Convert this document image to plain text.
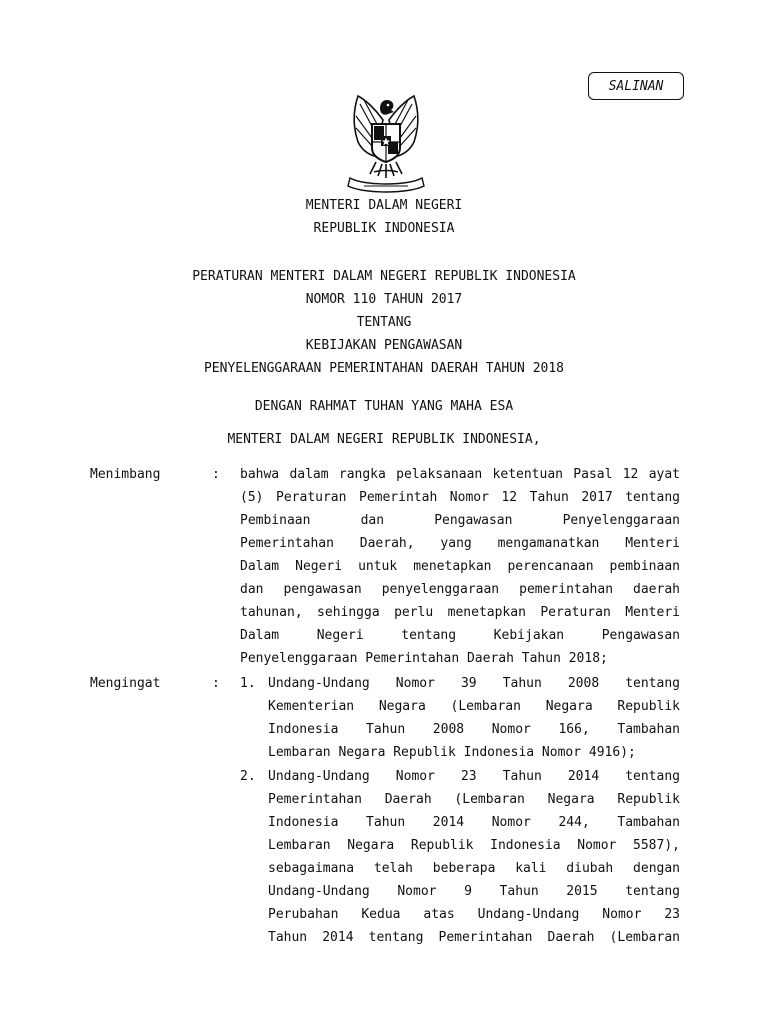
SALINAN
MENTERI DALAM NEGERI
REPUBLIK INDONESIA
PERATURAN MENTERI DALAM NEGERI REPUBLIK INDONESIA
NOMOR 110 TAHUN 2017
TENTANG
KEBIJAKAN PENGAWASAN
PENYELENGGARAAN PEMERINTAHAN DAERAH TAHUN 2018
DENGAN RAHMAT TUHAN YANG MAHA ESA
MENTERI DALAM NEGERI REPUBLIK INDONESIA,
Menimbang	: bahwa dalam rangka pelaksanaan ketentuan Pasal 12 ayat
(5) Peraturan Pemerintah Nomor 12 Tahun 2017 tentang
Pembinaan dan Pengawasan Penyelenggaraan
Pemerintahan Daerah, yang mengamanatkan Menteri
Dalam Negeri untuk menetapkan perencanaan pembinaan
dan pengawasan penyelenggaraan pemerintahan daerah
tahunan, sehingga perlu menetapkan Peraturan Menteri
Dalam Negeri tentang Kebijakan Pengawasan
Penyelenggaraan Pemerintahan Daerah Tahun 2018;
Mengingat	: 1. Undang-Undang Nomor 39 Tahun 2008 tentang
Kementerian Negara (Lembaran Negara Republik
Indonesia Tahun 2008 Nomor 166, Tambahan
Lembaran Negara Republik Indonesia Nomor 4916);
2. Undang-Undang Nomor 23 Tahun 2014 tentang
Pemerintahan Daerah (Lembaran Negara Republik
Indonesia Tahun 2014 Nomor 244, Tambahan
Lembaran Negara Republik Indonesia Nomor 5587),
sebagaimana telah beberapa kali diubah dengan
Undang-Undang Nomor 9 Tahun 2015 tentang
Perubahan Kedua atas Undang-Undang Nomor 23
Tahun 2014 tentang Pemerintahan Daerah (Lembaran
